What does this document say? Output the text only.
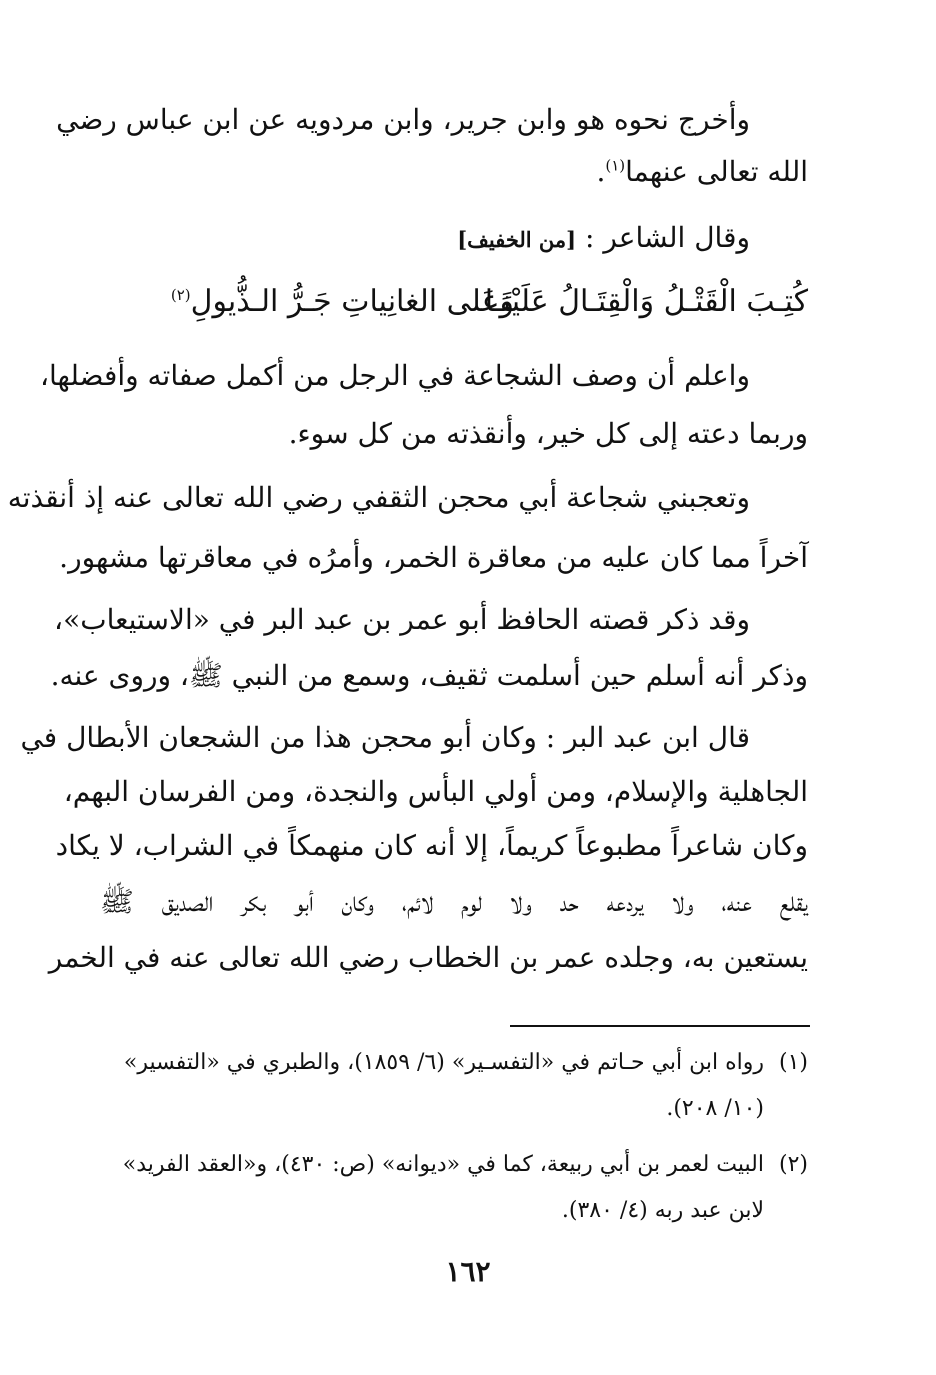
وأخرج نحوه هو وابن جرير، وابن مردويه عن ابن عباس رضي
الله تعالى عنهما$^{(١)}$.
وقال الشاعر : [من الخفيف]
كُتِـبَ الْقَتْـلُ وَالْقِتَـالُ عَلَيْنَـا
وَعَلى الغانِياتِ جَـرُّ الـذُّيولِ$^{(٢)}$
واعلم أن وصف الشجاعة في الرجل من أكمل صفاته وأفضلها،
وربما دعته إلى كل خير، وأنقذته من كل سوء.
وتعجبني شجاعة أبي محجن الثقفي رضي الله تعالى عنه إذ أنقذته
آخراً مما كان عليه من معاقرة الخمر، وأمرُه في معاقرتها مشهور.
وقد ذكر قصته الحافظ أبو عمر بن عبد البر في «الاستيعاب»،
وذكر أنه أسلم حين أسلمت ثقيف، وسمع من النبي ﷺ، وروى عنه.
قال ابن عبد البر : وكان أبو محجن هذا من الشجعان الأبطال في
الجاهلية والإسلام، ومن أولي البأس والنجدة، ومن الفرسان البهم،
وكان شاعراً مطبوعاً كريماً، إلا أنه كان منهمكاً في الشراب، لا يكاد
يقلع عنه، ولا يردعه حد ولا لوم لائم، وكان أبو بكر الصديق ﷺ
يستعين به، وجلده عمر بن الخطاب رضي الله تعالى عنه في الخمر
(١)
رواه ابن أبي حـاتم في «التفسـير» (٦/ ١٨٥٩)، والطبري في «التفسير»
(١٠/ ٢٠٨).
(٢)
البيت لعمر بن أبي ربيعة، كما في «ديوانه» (ص: ٤٣٠)، و«العقد الفريد»
لابن عبد ربه (٤/ ٣٨٠).
١٦٢
